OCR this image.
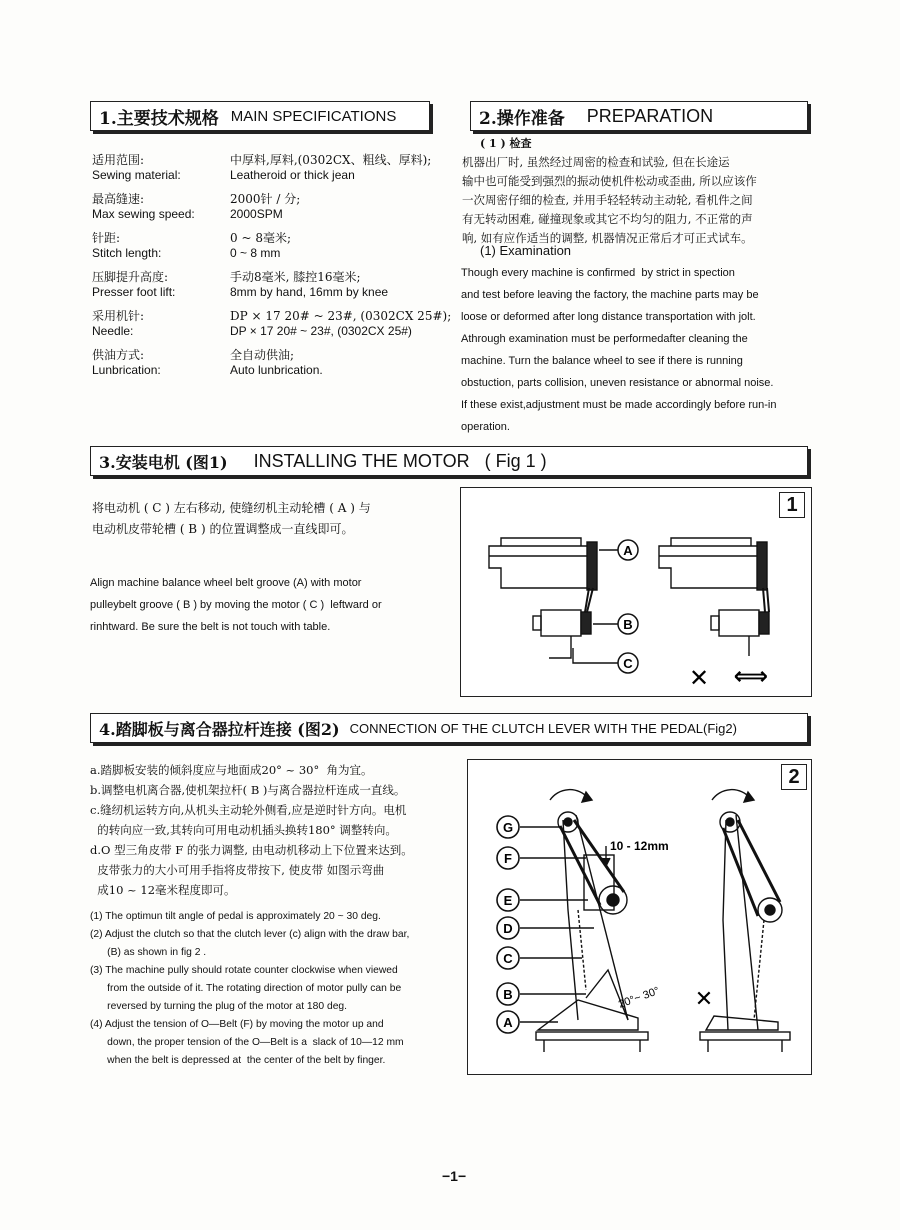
1.主要技术规格 MAIN SPECIFICATIONS
适用范围:
Sewing material:
中厚料,厚料,(0302CX、粗线、厚料);
Leatheroid or thick jean
最高缝速:
Max sewing speed:
2000针 / 分;
2000SPM
针距:
Stitch length:
0 ~ 8毫米;
0 ~ 8 mm
压脚提升高度:
Presser foot lift:
手动8毫米, 膝控16毫米;
8mm by hand, 16mm by knee
采用机针:
Needle:
DP × 17 20# ~ 23#, (0302CX 25#);
DP × 17 20# ~ 23#, (0302CX 25#)
供油方式:
Lunbrication:
全自动供油;
Auto lunbrication.
2.操作准备 PREPARATION
( 1 ) 检查
机器出厂时, 虽然经过周密的检查和试验, 但在长途运
输中也可能受到强烈的振动使机件松动或歪曲, 所以应该作
一次周密仔细的检查, 并用手轻轻转动主动轮, 看机件之间
有无转动困难, 碰撞现象或其它不均匀的阻力, 不正常的声
响, 如有应作适当的调整, 机器情况正常后才可正式试车。
(1) Examination
Though every machine is confirmed  by strict in spection
and test before leaving the factory, the machine parts may be
loose or deformed after long distance transportation with jolt.
Athrough examination must be performedafter cleaning the
machine. Turn the balance wheel to see if there is running
obstuction, parts collision, uneven resistance or abnormal noise.
If these exist,adjustment must be made accordingly before run-in
operation.
3.安装电机 (图1) INSTALLING THE MOTOR   ( Fig 1 )
将电动机 ( C ) 左右移动, 使缝纫机主动轮槽 ( A ) 与
电动机皮带轮槽 ( B ) 的位置调整成一直线即可。
Align machine balance wheel belt groove (A) with motor
pulleybelt groove ( B ) by moving the motor ( C )  leftward or
rinhtward. Be sure the belt is not touch with table.
1
A
B
C
✕ ⟺
4.踏脚板与离合器拉杆连接 (图2) CONNECTION OF THE CLUTCH LEVER WITH THE PEDAL(Fig2)
a.踏脚板安装的倾斜度应与地面成20° ~ 30°  角为宜。
b.调整电机离合器,使机架拉杆( B )与离合器拉杆连成一直线。
c.缝纫机运转方向,从机头主动轮外侧看,应是逆时针方向。电机
的转向应一致,其转向可用电动机插头换转180° 调整转向。
d.O 型三角皮带 F 的张力调整, 由电动机移动上下位置来达到。
皮带张力的大小可用手指将皮带按下, 使皮带 如图示弯曲
成10 ~ 12毫米程度即可。
(1) The optimun tilt angle of pedal is approximately 20 ~ 30 deg.
(2) Adjust the clutch so that the clutch lever (c) align with the draw bar,
(B) as shown in fig 2 .
(3) The machine pully should rotate counter clockwise when viewed
from the outside of it. The rotating direction of motor pully can be
reversed by turning the plug of the motor at 180 deg.
(4) Adjust the tension of O—Belt (F) by moving the motor up and
down, the proper tension of the O—Belt is a  slack of 10—12 mm
when the belt is depressed at  the center of the belt by finger.
2
G
F
E
D
C
B
A
10 - 12mm
20°~ 30° ✕
−1−
